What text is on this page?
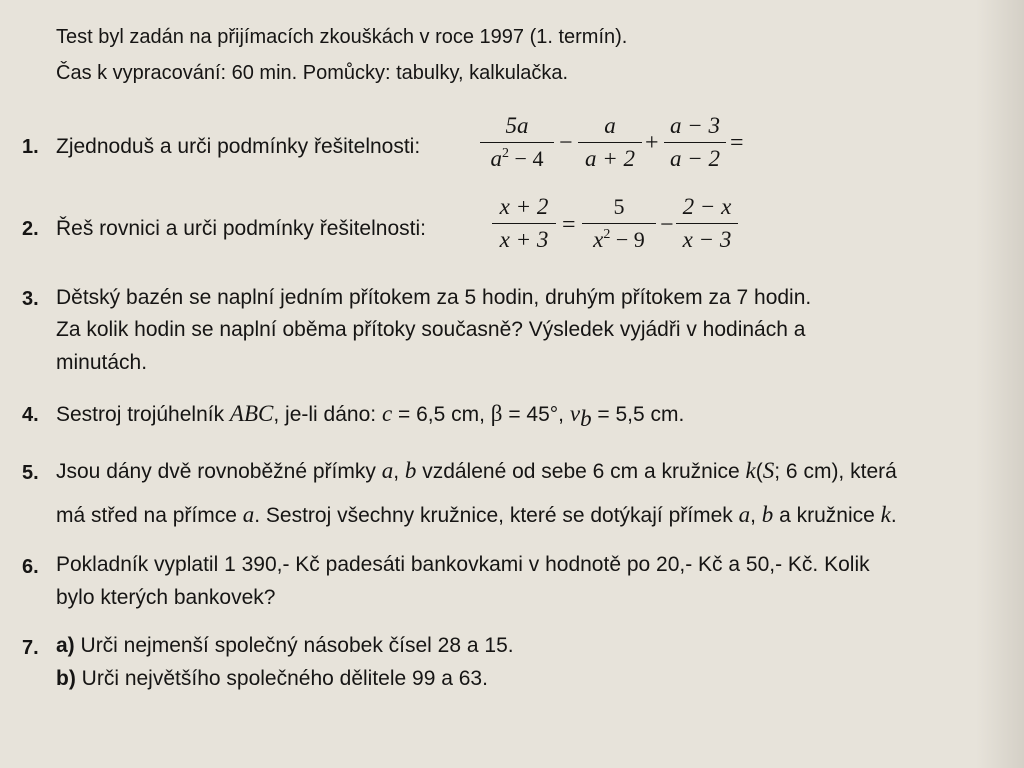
Test byl zadán na přijímacích zkouškách v roce 1997 (1. termín).
Čas k vypracování: 60 min. Pomůcky: tabulky, kalkulačka.
1. Zjednoduš a urči podmínky řešitelnosti:
5a
$a^2 - 4$
−
a
a + 2
+
a − 3
a − 2
=
2. Řeš rovnici a urči podmínky řešitelnosti:
x + 2
x + 3
=
5
$x^2 - 9$
−
2 − x
x − 3
3. Dětský bazén se naplní jedním přítokem za 5 hodin, druhým přítokem za 7 hodin.
Za kolik hodin se naplní oběma přítoky současně? Výsledek vyjádři v hodinách a
minutách.
4. Sestroj trojúhelník ABC, je-li dáno: c = 6,5 cm, β = 45°, $v_b = 5,5$ cm.
5. Jsou dány dvě rovnoběžné přímky a, b vzdálené od sebe 6 cm a kružnice k(S; 6 cm), která
má střed na přímce a. Sestroj všechny kružnice, které se dotýkají přímek a, b a kružnice k.
6. Pokladník vyplatil 1 390,- Kč padesáti bankovkami v hodnotě po 20,- Kč a 50,- Kč. Kolik
bylo kterých bankovek?
7. a) Urči nejmenší společný násobek čísel 28 a 15.
b) Urči největšího společného dělitele 99 a 63.
